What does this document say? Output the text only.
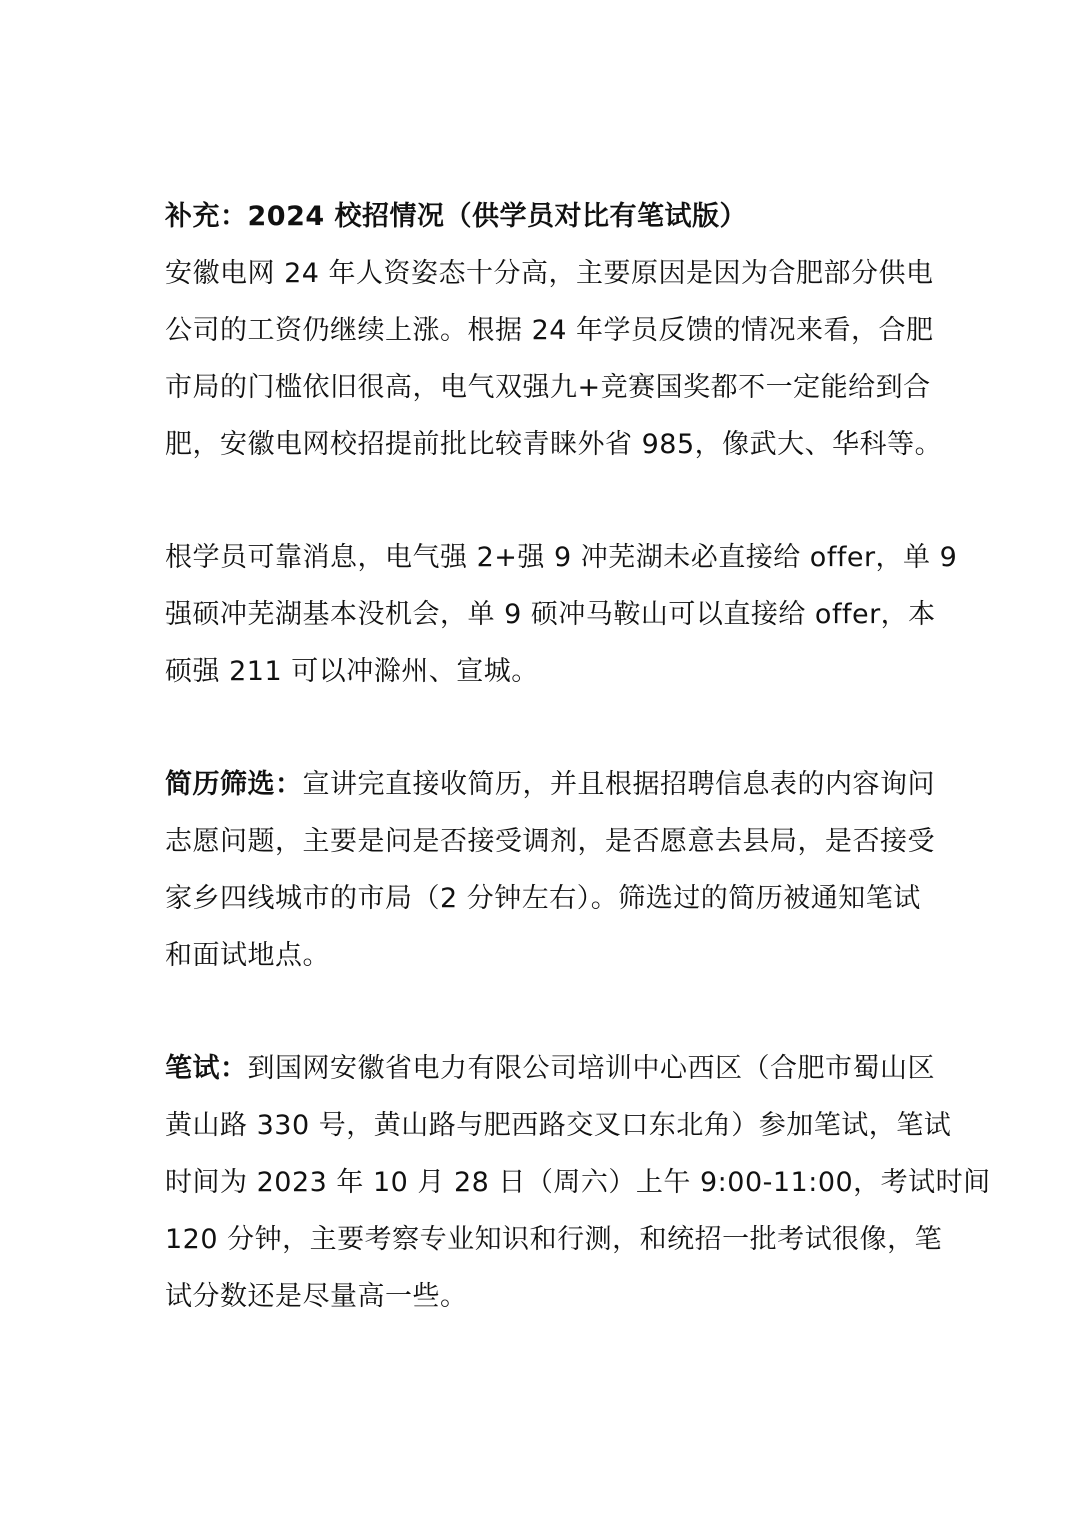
补充：2024 校招情况（供学员对比有笔试版）
安徽电网 24 年人资姿态十分高，主要原因是因为合肥部分供电
公司的工资仍继续上涨。根据 24 年学员反馈的情况来看，合肥
市局的门槛依旧很高，电气双强九+竞赛国奖都不一定能给到合
肥，安徽电网校招提前批比较青睐外省 985，像武大、华科等。
根学员可靠消息，电气强 2+强 9 冲芜湖未必直接给 offer，单 9
强硕冲芜湖基本没机会，单 9 硕冲马鞍山可以直接给 offer，本
硕强 211 可以冲滁州、宣城。
简历筛选：宣讲完直接收简历，并且根据招聘信息表的内容询问
志愿问题，主要是问是否接受调剂，是否愿意去县局，是否接受
家乡四线城市的市局（2 分钟左右）。筛选过的简历被通知笔试
和面试地点。
笔试：到国网安徽省电力有限公司培训中心西区（合肥市蜀山区
黄山路 330 号，黄山路与肥西路交叉口东北角）参加笔试，笔试
时间为 2023 年 10 月 28 日（周六）上午 9:00-11:00，考试时间
120 分钟，主要考察专业知识和行测，和统招一批考试很像，笔
试分数还是尽量高一些。
